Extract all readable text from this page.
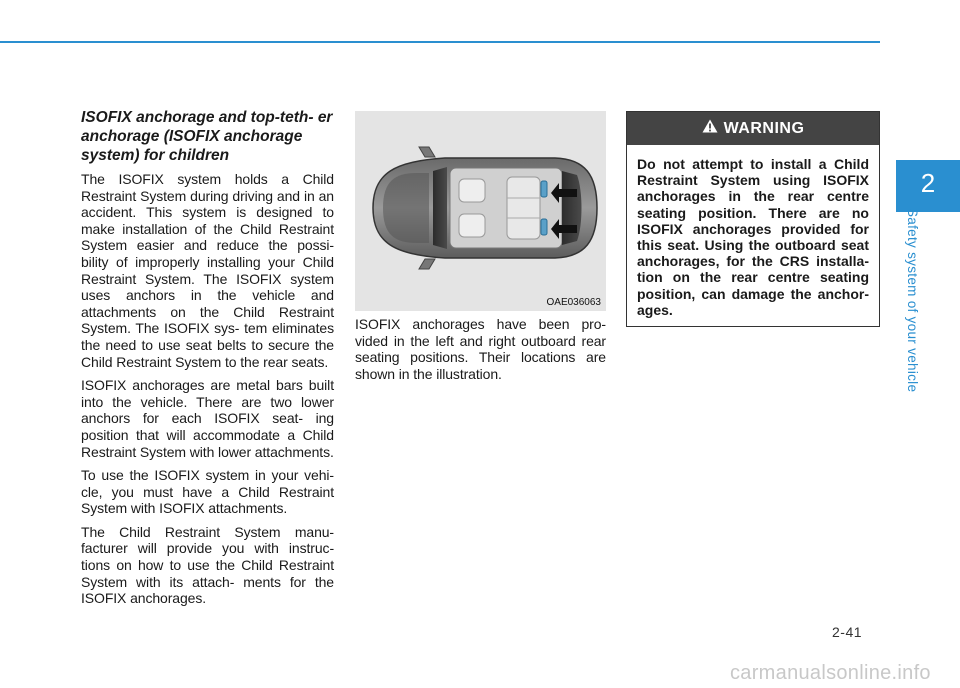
2
Safety system of your vehicle

ISOFIX anchorage and top-teth- er anchorage (ISOFIX anchorage system) for children

The ISOFIX system holds a Child Restraint System during driving and in an accident. This system is designed to make installation of the Child Restraint System easier and reduce the possi- bility of improperly installing your Child Restraint System. The ISOFIX system uses anchors in the vehicle and attachments on the Child Restraint System. The ISOFIX sys- tem eliminates the need to use seat belts to secure the Child Restraint System to the rear seats.

ISOFIX anchorages are metal bars built into the vehicle. There are two lower anchors for each ISOFIX seat- ing position that will accommodate a Child Restraint System with lower attachments.

To use the ISOFIX system in your vehi- cle, you must have a Child Restraint System with ISOFIX attachments.

The Child Restraint System manu- facturer will provide you with instruc- tions on how to use the Child Restraint System with its attach- ments for the ISOFIX anchorages.

OAE036063

ISOFIX anchorages have been pro- vided in the left and right outboard rear seating positions. Their locations are shown in the illustration.

WARNING
Do not attempt to install a Child Restraint System using ISOFIX anchorages in the rear centre seating position. There are no ISOFIX anchorages provided for this seat. Using the outboard seat anchorages, for the CRS installa- tion on the rear centre seating position, can damage the anchor- ages.
2-41
carmanualsonline.info
